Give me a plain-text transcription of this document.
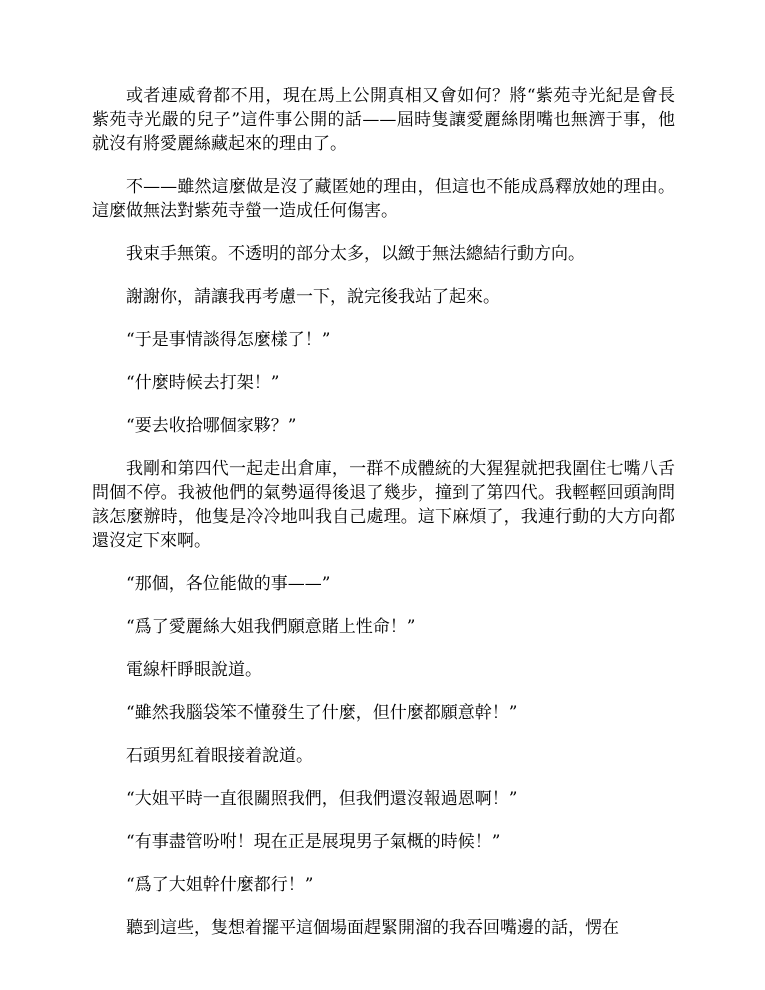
或者連威脅都不用，現在馬上公開真相又會如何？將“紫苑寺光紀是會長紫苑寺光嚴的兒子”這件事公開的話——屆時隻讓愛麗絲閉嘴也無濟于事，他就沒有將愛麗絲藏起來的理由了。

不——雖然這麼做是沒了藏匿她的理由，但這也不能成爲釋放她的理由。這麼做無法對紫苑寺螢一造成任何傷害。

我束手無策。不透明的部分太多，以緻于無法總結行動方向。

謝謝你，請讓我再考慮一下，說完後我站了起來。

“于是事情談得怎麼樣了！”

“什麼時候去打架！”

“要去收拾哪個家夥？”

我剛和第四代一起走出倉庫，一群不成體統的大猩猩就把我圍住七嘴八舌問個不停。我被他們的氣勢逼得後退了幾步，撞到了第四代。我輕輕回頭詢問該怎麼辦時，他隻是冷冷地叫我自己處理。這下麻煩了，我連行動的大方向都還沒定下來啊。

“那個，各位能做的事——”

“爲了愛麗絲大姐我們願意賭上性命！”

電線杆睜眼說道。

“雖然我腦袋笨不懂發生了什麼，但什麼都願意幹！”

石頭男紅着眼接着說道。

“大姐平時一直很關照我們，但我們還沒報過恩啊！”

“有事盡管吩咐！現在正是展現男子氣概的時候！”

“爲了大姐幹什麼都行！”

聽到這些，隻想着擺平這個場面趕緊開溜的我吞回嘴邊的話，愣在
